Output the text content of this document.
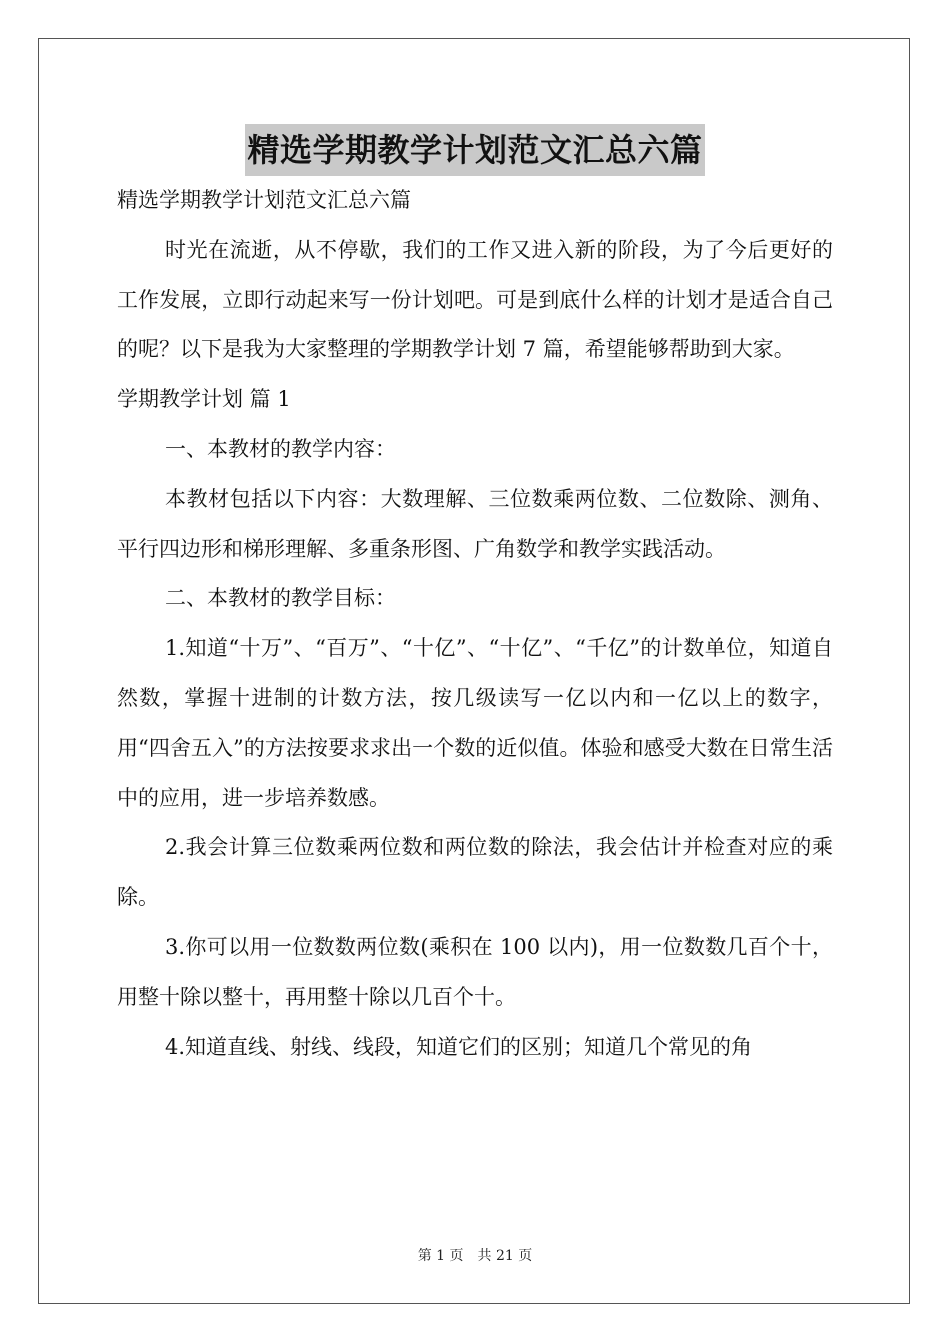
精选学期教学计划范文汇总六篇

精选学期教学计划范文汇总六篇

时光在流逝，从不停歇，我们的工作又进入新的阶段，为了今后更好的工作发展，立即行动起来写一份计划吧。可是到底什么样的计划才是适合自己的呢？以下是我为大家整理的学期教学计划 7 篇，希望能够帮助到大家。

学期教学计划 篇 1

一、本教材的教学内容：

本教材包括以下内容：大数理解、三位数乘两位数、二位数除、测角、平行四边形和梯形理解、多重条形图、广角数学和教学实践活动。

二、本教材的教学目标：

1.知道“十万”、“百万”、“十亿”、“十亿”、“千亿”的计数单位，知道自然数，掌握十进制的计数方法，按几级读写一亿以内和一亿以上的数字，用“四舍五入”的方法按要求求出一个数的近似值。体验和感受大数在日常生活中的应用，进一步培养数感。

2.我会计算三位数乘两位数和两位数的除法，我会估计并检查对应的乘除。

3.你可以用一位数数两位数(乘积在 100 以内)，用一位数数几百个十，用整十除以整十，再用整十除以几百个十。

4.知道直线、射线、线段，知道它们的区别；知道几个常见的角

第 1 页　共 21 页
